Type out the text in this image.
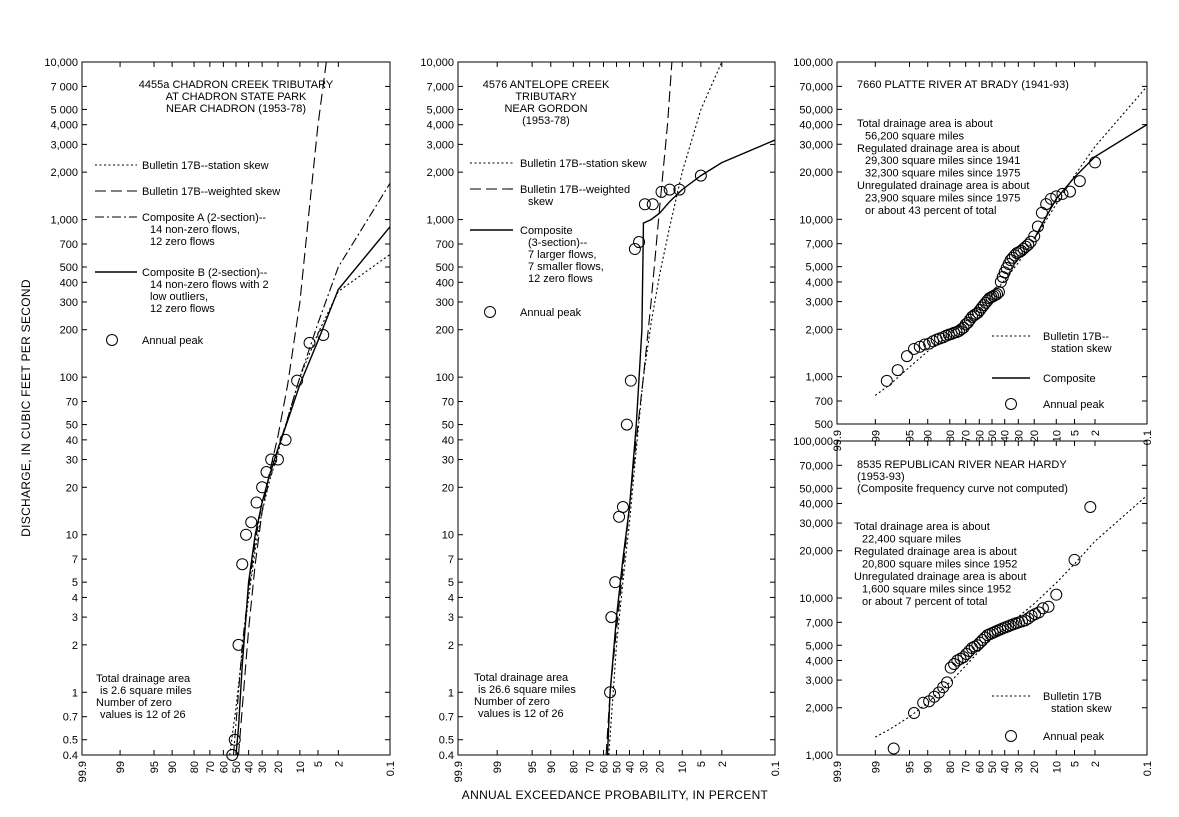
0.4
0.5
0.7
1
2
3
4
5
7
10
20
30
40
50
70
100
200
300
400
500
700
1,000
2,000
3,000
4,000
5 000
7 000
10,000
99.9 99 95 90 80 70 60 50 40 30 20 10 5 2	0.1
4455a CHADRON CREEK TRIBUTARY
AT CHADRON STATE PARK
NEAR CHADRON (1953-78)
Bulletin 17B--station skew
Bulletin 17B--weighted skew
Composite A (2-section)--
14 non-zero flows,
12 zero flows
Composite B (2-section)--
14 non-zero flows with 2
low outliers,
12 zero flows
Annual peak
Total drainage area
is 2.6 square miles
Number of zero
values is 12 of 26
0.4
0.5
0.7
1
2
3
4
5
7
10
20
30
40
50
70
100
200
300
400
500
700
1,000
2,000
3,000
4,000
5,000
7,000
10,000
99.9 99 95 90 80 70 60 50 40 30 20 10 5 2	0.1
4576 ANTELOPE CREEK
TRIBUTARY
NEAR GORDON
(1953-78)
Bulletin 17B--station skew
Bulletin 17B--weighted
skew
Composite
(3-section)--
7 larger flows,
7 smaller flows,
12 zero flows
Annual peak
Total drainage area
is 26.6 square miles
Number of zero
values is 12 of 26
500
700
1,000
2,000
3,000
4,000
5,000
7,000
10,000
20,000
30,000
40,000
50,000
70,000
100,000
99.9 99 95 90 80 70 60 50 40 30 20 10 5 2	0.1
7660 PLATTE RIVER AT BRADY (1941-93)
Bulletin 17B--
station skew
Composite
Annual peak
Total drainage area is about
56,200 square miles
Regulated drainage area is about
29,300 square miles since 1941
32,300 square miles since 1975
Unregulated drainage area is about
23,900 square miles since 1975
or about 43 percent of total
1,000
2,000
3,000
4,000
5,000
7,000
10,000
20,000
30,000
40,000
50,000
70,000
100,000
99.9 99 95 90 80 70 60 50 40 30 20 10 5 2	0.1
8535 REPUBLICAN RIVER NEAR HARDY
(1953-93)
(Composite frequency curve not computed)
Bulletin 17B
station skew
Annual peak
Total drainage area is about
22,400 square miles
Regulated drainage area is about
20,800 square miles since 1952
Unregulated drainage area is about
1,600 square miles since 1952
or about 7 percent of total
DISCHARGE, IN CUBIC FEET PER SECOND
ANNUAL EXCEEDANCE PROBABILITY, IN PERCENT
